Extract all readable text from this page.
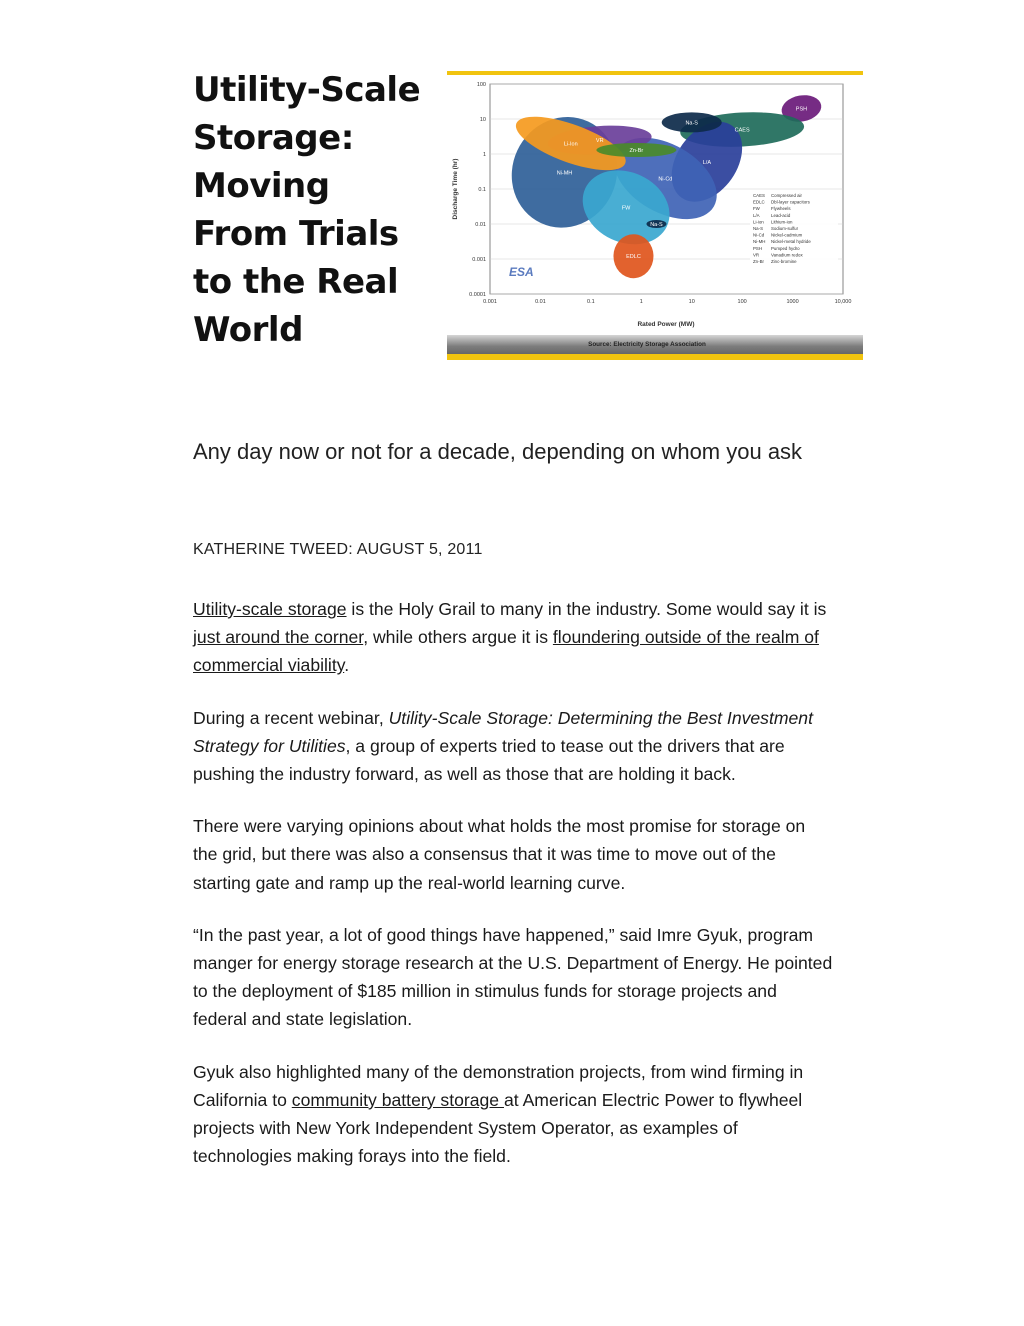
Utility-Scale Storage: Moving From Trials to the Real World
PSH
CAES
Ni-MH
L/A
Ni-Cd
VR
Li-Ion
FW
Na-S
Zn-Br
EDLC
Na-S
0.001	0.01	0.1	1	10	100	1000	10,000
100
10
1
0.1
0.01
0.001
0.0001
CAES Compressed air
EDLC Dbl-layer capacitors
FW	Flywheels
L/A	Lead-acid
Li-ion Lithium-ion
Na-S Sodium-sulfur
Ni-Cd Nickel-cadmium
Ni-MH Nickel-metal hydride
PSH Pumped hydro
VR	Vanadium redox
Zn-Br Zinc-bromine
Rated Power (MW)
Discharge Time (hr)
Source: Electricity Storage Association
ESA

Any day now or not for a decade, depending on whom you ask

KATHERINE TWEED: AUGUST 5, 2011

Utility-scale storage is the Holy Grail to many in the industry. Some would say it is just around the corner, while others argue it is floundering outside of the realm of commercial viability.

During a recent webinar, Utility-Scale Storage: Determining the Best Investment Strategy for Utilities, a group of experts tried to tease out the drivers that are pushing the industry forward, as well as those that are holding it back.

There were varying opinions about what holds the most promise for storage on the grid, but there was also a consensus that it was time to move out of the starting gate and ramp up the real-world learning curve.

“In the past year, a lot of good things have happened,” said Imre Gyuk, program manger for energy storage research at the U.S. Department of Energy. He pointed to the deployment of $185 million in stimulus funds for storage projects and federal and state legislation.

Gyuk also highlighted many of the demonstration projects, from wind firming in California to community battery storage at American Electric Power to flywheel projects with New York Independent System Operator, as examples of technologies making forays into the field.
